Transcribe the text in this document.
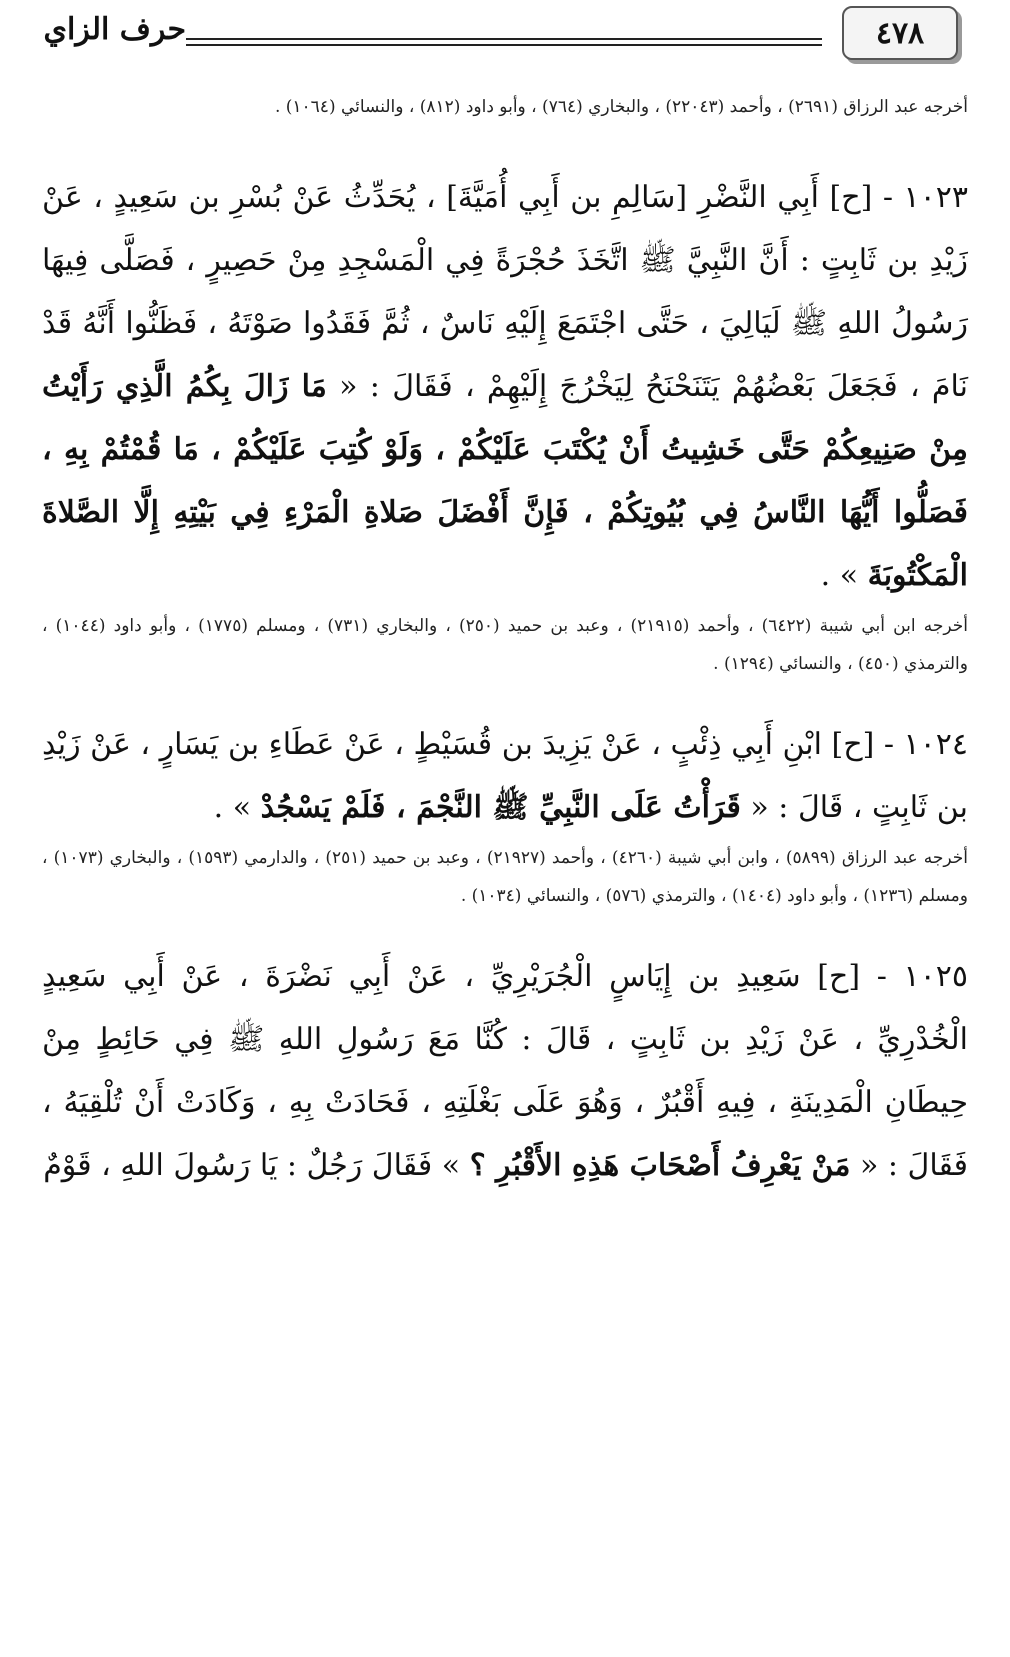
٤٧٨
حرف الزاي

أخرجه عبد الرزاق (٢٦٩١) ، وأحمد (٢٢٠٤٣) ، والبخاري (٧٦٤) ، وأبو داود (٨١٢) ، والنسائي (١٠٦٤) .

١٠٢٣ - [ح] أَبِي النَّضْرِ [سَالِمِ بن أَبِي أُمَيَّةَ] ، يُحَدِّثُ عَنْ بُسْرِ بن سَعِيدٍ ، عَنْ زَيْدِ بن ثَابِتٍ : أَنَّ النَّبِيَّ ﷺ اتَّخَذَ حُجْرَةً فِي الْمَسْجِدِ مِنْ حَصِيرٍ ، فَصَلَّى فِيهَا رَسُولُ اللهِ ﷺ لَيَالِيَ ، حَتَّى اجْتَمَعَ إِلَيْهِ نَاسٌ ، ثُمَّ فَقَدُوا صَوْتَهُ ، فَظَنُّوا أَنَّهُ قَدْ نَامَ ، فَجَعَلَ بَعْضُهُمْ يَتَنَحْنَحُ لِيَخْرُجَ إِلَيْهِمْ ، فَقَالَ : « مَا زَالَ بِكُمُ الَّذِي رَأَيْتُ مِنْ صَنِيعِكُمْ حَتَّى خَشِيتُ أَنْ يُكْتَبَ عَلَيْكُمْ ، وَلَوْ كُتِبَ عَلَيْكُمْ ، مَا قُمْتُمْ بِهِ ، فَصَلُّوا أَيُّهَا النَّاسُ فِي بُيُوتِكُمْ ، فَإِنَّ أَفْضَلَ صَلاةِ الْمَرْءِ فِي بَيْتِهِ إِلَّا الصَّلاةَ الْمَكْتُوبَةَ » .

أخرجه ابن أبي شيبة (٦٤٢٢) ، وأحمد (٢١٩١٥) ، وعبد بن حميد (٢٥٠) ، والبخاري (٧٣١) ، ومسلم (١٧٧٥) ، وأبو داود (١٠٤٤) ، والترمذي (٤٥٠) ، والنسائي (١٢٩٤) .

١٠٢٤ - [ح] ابْنِ أَبِي ذِئْبٍ ، عَنْ يَزِيدَ بن قُسَيْطٍ ، عَنْ عَطَاءِ بن يَسَارٍ ، عَنْ زَيْدِ بن ثَابِتٍ ، قَالَ : « قَرَأْتُ عَلَى النَّبِيِّ ﷺ النَّجْمَ ، فَلَمْ يَسْجُدْ » .

أخرجه عبد الرزاق (٥٨٩٩) ، وابن أبي شيبة (٤٢٦٠) ، وأحمد (٢١٩٢٧) ، وعبد بن حميد (٢٥١) ، والدارمي (١٥٩٣) ، والبخاري (١٠٧٣) ، ومسلم (١٢٣٦) ، وأبو داود (١٤٠٤) ، والترمذي (٥٧٦) ، والنسائي (١٠٣٤) .

١٠٢٥ - [ح] سَعِيدِ بن إِيَاسٍ الْجُرَيْرِيِّ ، عَنْ أَبِي نَضْرَةَ ، عَنْ أَبِي سَعِيدٍ الْخُدْرِيِّ ، عَنْ زَيْدِ بن ثَابِتٍ ، قَالَ : كُنَّا مَعَ رَسُولِ اللهِ ﷺ فِي حَائِطٍ مِنْ حِيطَانِ الْمَدِينَةِ ، فِيهِ أَقْبُرٌ ، وَهُوَ عَلَى بَغْلَتِهِ ، فَحَادَتْ بِهِ ، وَكَادَتْ أَنْ تُلْقِيَهُ ، فَقَالَ : « مَنْ يَعْرِفُ أَصْحَابَ هَذِهِ الأَقْبُرِ ؟ » فَقَالَ رَجُلٌ : يَا رَسُولَ اللهِ ، قَوْمٌ
